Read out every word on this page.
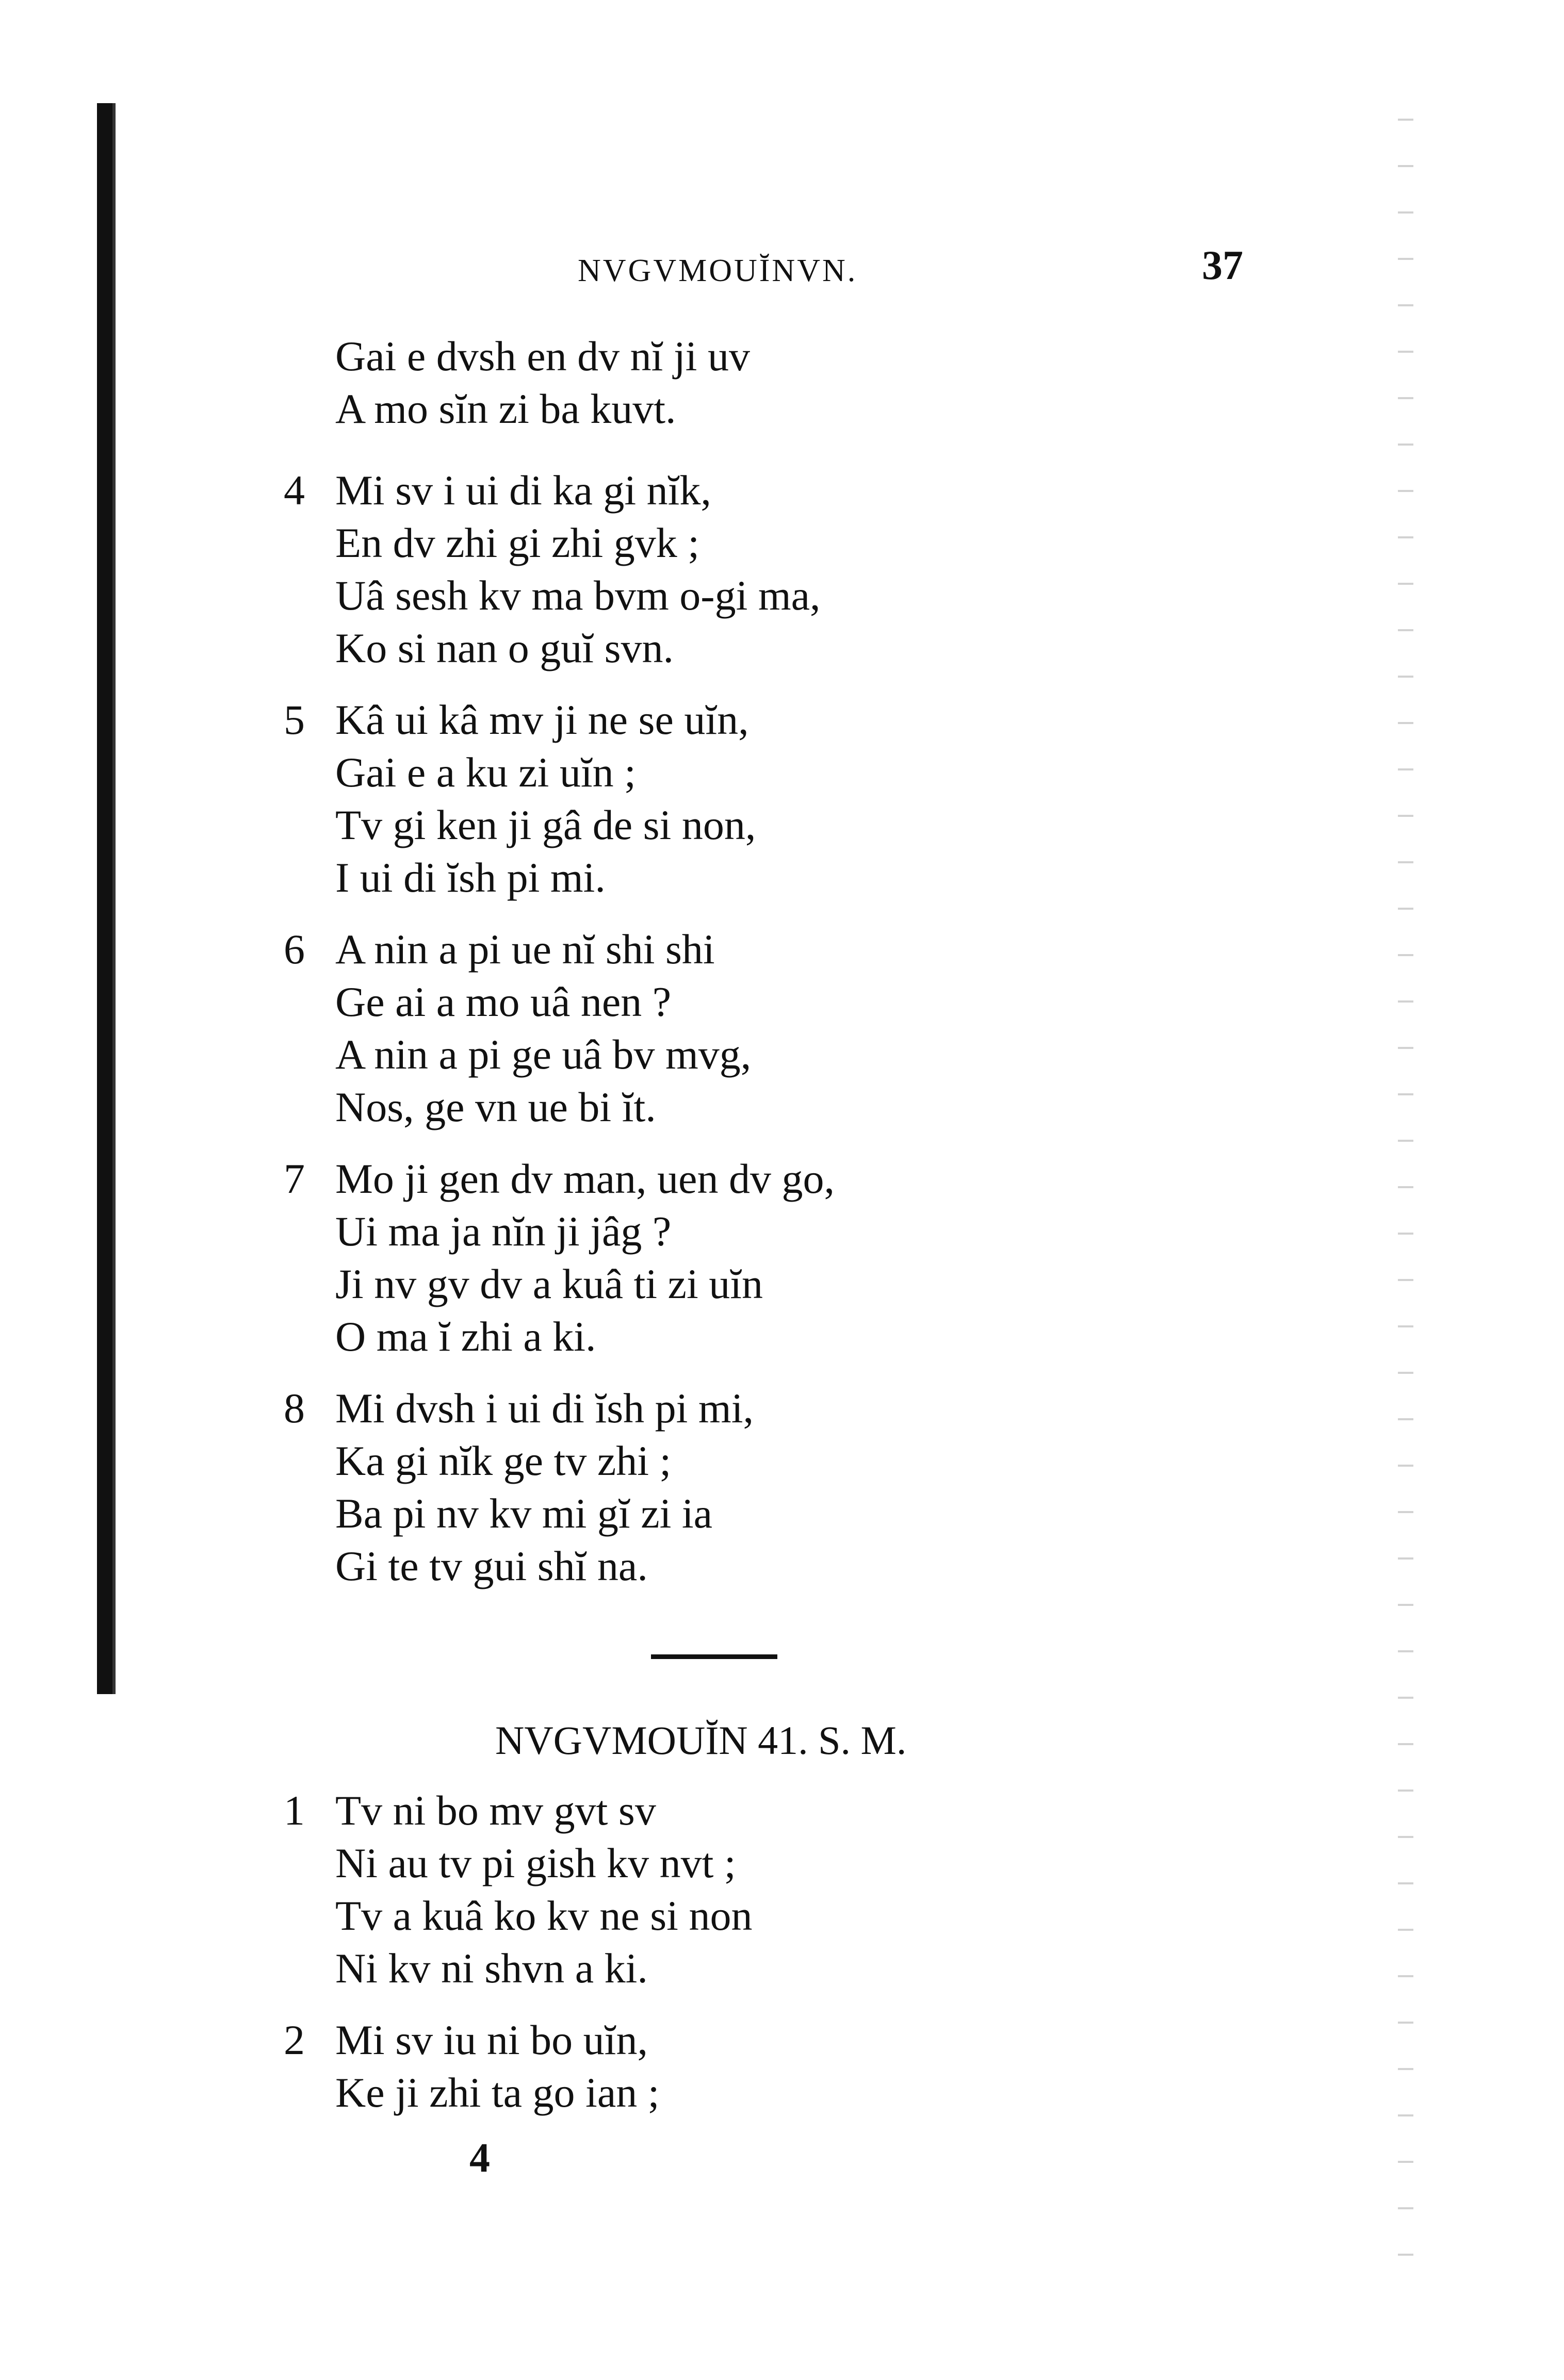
NVGVMOUĬNVN.	37
Gai e dvsh en dv nĭ ji uv
A mo sĭn zi ba kuvt.
4 Mi sv i ui di ka gi nĭk,
En dv zhi gi zhi gvk ;
Uâ sesh kv ma bvm o-gi ma,
Ko si nan o guĭ svn.
5 Kâ ui kâ mv ji ne se uĭn,
Gai e a ku zi uĭn ;
Tv gi ken ji gâ de si non,
I ui di ĭsh pi mi.
6 A nin a pi ue nĭ shi shi
Ge ai a mo uâ nen ?
A nin a pi ge uâ bv mvg,
Nos, ge vn ue bi ĭt.
7 Mo ji gen dv man, uen dv go,
Ui ma ja nĭn ji jâg ?
Ji nv gv dv a kuâ ti zi uĭn
O ma ĭ zhi a ki.
8 Mi dvsh i ui di ĭsh pi mi,
Ka gi nĭk ge tv zhi ;
Ba pi nv kv mi gĭ zi ia
Gi te tv gui shĭ na.
NVGVMOUĬN 41. S. M.
1 Tv ni bo mv gvt sv
Ni au tv pi gish kv nvt ;
Tv a kuâ ko kv ne si non
Ni kv ni shvn a ki.
2 Mi sv iu ni bo uĭn,
Ke ji zhi ta go ian ;
4
